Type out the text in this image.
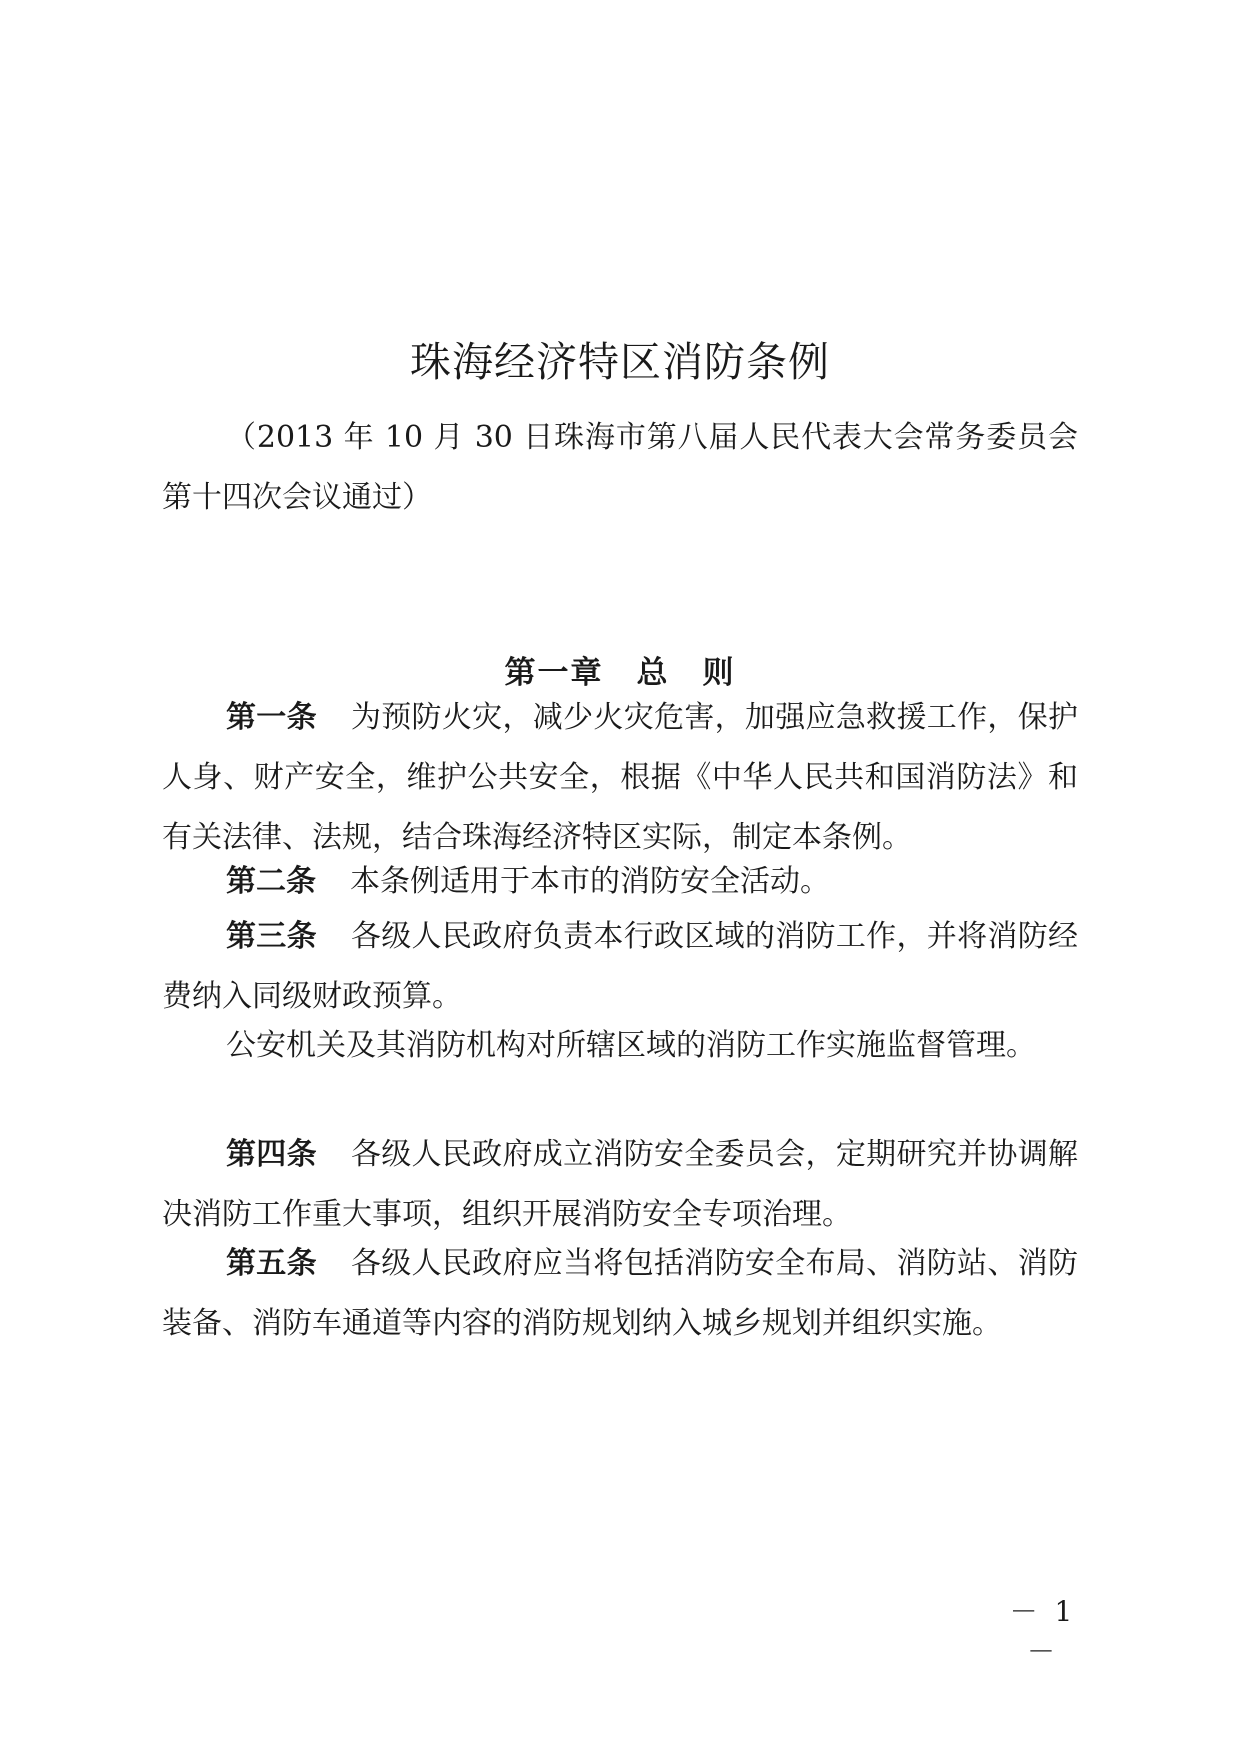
珠海经济特区消防条例

（2013 年 10 月 30 日珠海市第八届人民代表大会常务委员会第十四次会议通过）

第一章　总　则

第一条 为预防火灾，减少火灾危害，加强应急救援工作，保护人身、财产安全，维护公共安全，根据《中华人民共和国消防法》和有关法律、法规，结合珠海经济特区实际，制定本条例。

第二条 本条例适用于本市的消防安全活动。

第三条 各级人民政府负责本行政区域的消防工作，并将消防经费纳入同级财政预算。

公安机关及其消防机构对所辖区域的消防工作实施监督管理。

第四条 各级人民政府成立消防安全委员会，定期研究并协调解决消防工作重大事项，组织开展消防安全专项治理。

第五条 各级人民政府应当将包括消防安全布局、消防站、消防装备、消防车通道等内容的消防规划纳入城乡规划并组织实施。

－ 1 －
